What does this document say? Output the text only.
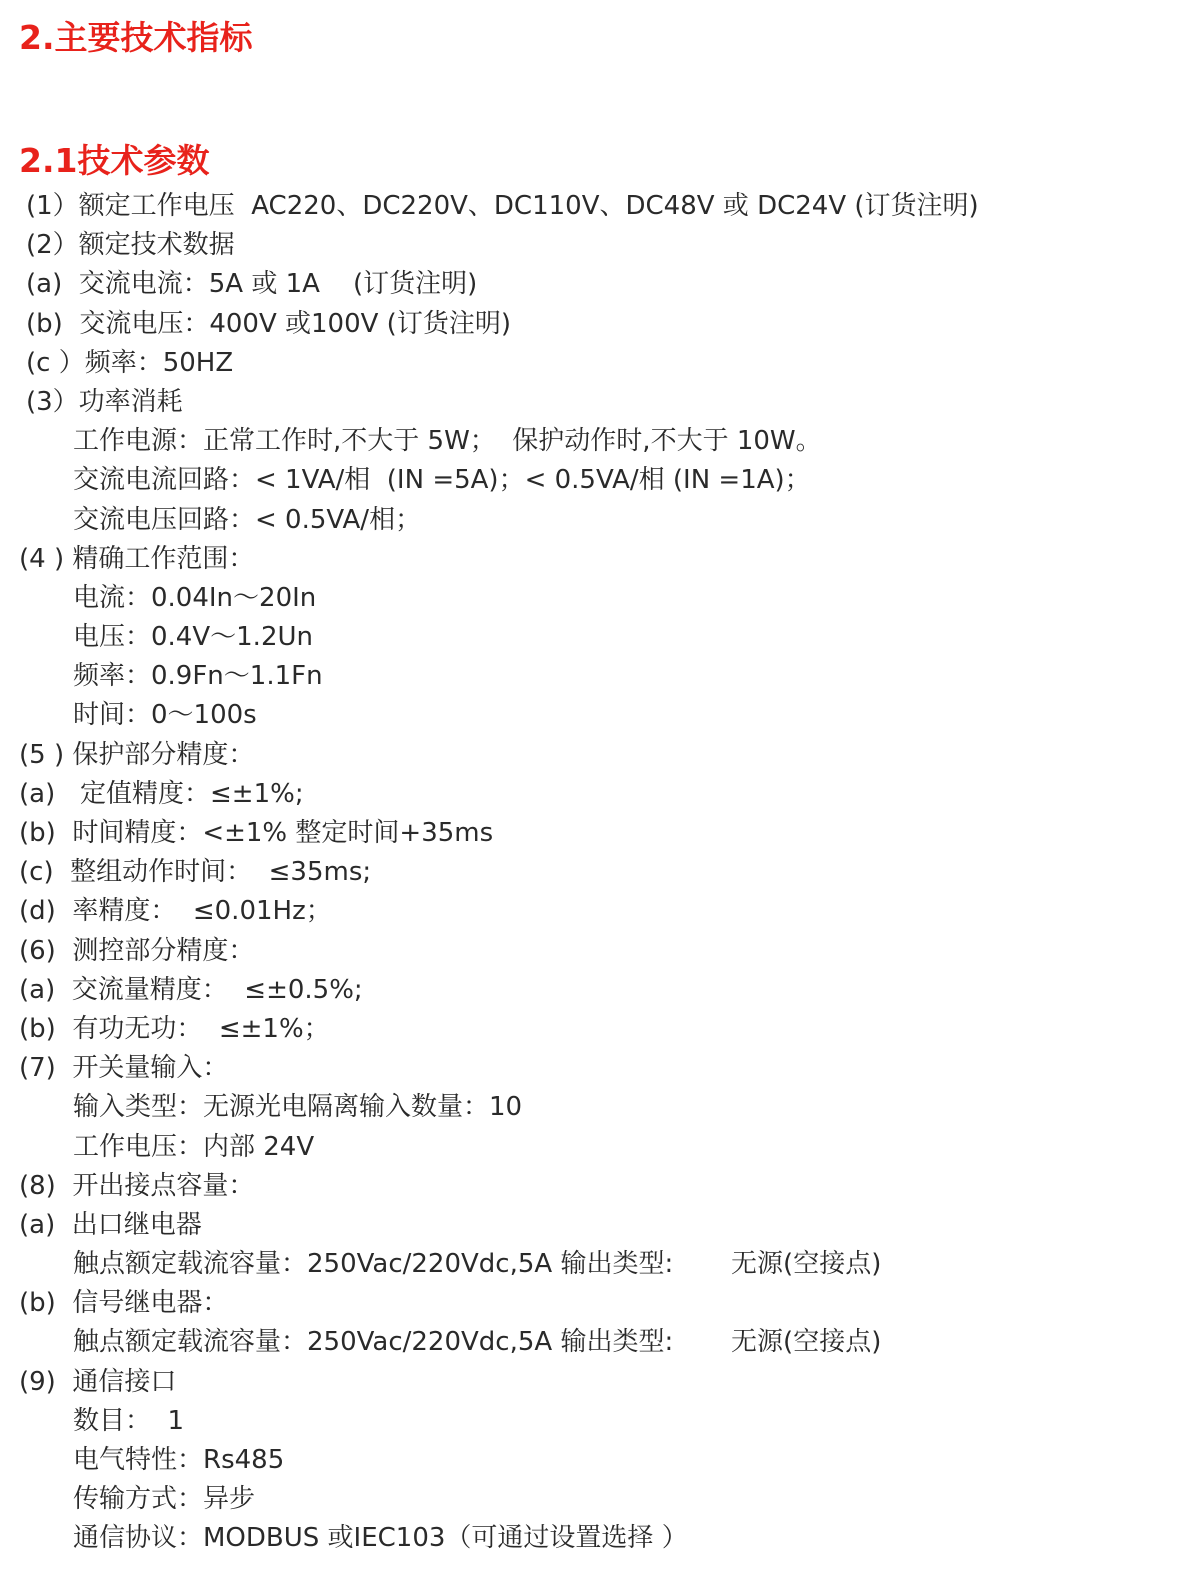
2.主要技术指标
2.1技术参数
(1）额定工作电压  AC220、DC220V、DC110V、DC48V 或 DC24V (订货注明)
(2）额定技术数据
(a)  交流电流：5A 或 1A    (订货注明)
(b)  交流电压：400V 或100V (订货注明)
(c ）频率：50HZ
(3）功率消耗
工作电源：正常工作时,不大于 5W；  保护动作时,不大于 10W。
交流电流回路：< 1VA/相  (IN =5A)；< 0.5VA/相 (IN =1A)；
交流电压回路：< 0.5VA/相；
(4 ) 精确工作范围：
电流：0.04In～20In
电压：0.4V～1.2Un
频率：0.9Fn～1.1Fn
时间：0～100s
(5 ) 保护部分精度：
(a)   定值精度：≤±1%;
(b)  时间精度：<±1% 整定时间+35ms
(c)  整组动作时间：  ≤35ms;
(d)  率精度：  ≤0.01Hz；
(6)  测控部分精度：
(a)  交流量精度：  ≤±0.5%;
(b)  有功无功：  ≤±1%；
(7)  开关量输入：
输入类型：无源光电隔离输入数量：10
工作电压：内部 24V
(8)  开出接点容量：
(a)  出口继电器
触点额定载流容量：250Vac/220Vdc,5A 输出类型:       无源(空接点)
(b)  信号继电器：
触点额定载流容量：250Vac/220Vdc,5A 输出类型:       无源(空接点)
(9)  通信接口
数目：  1
电气特性：Rs485
传输方式：异步
通信协议：MODBUS 或IEC103（可通过设置选择 ）
